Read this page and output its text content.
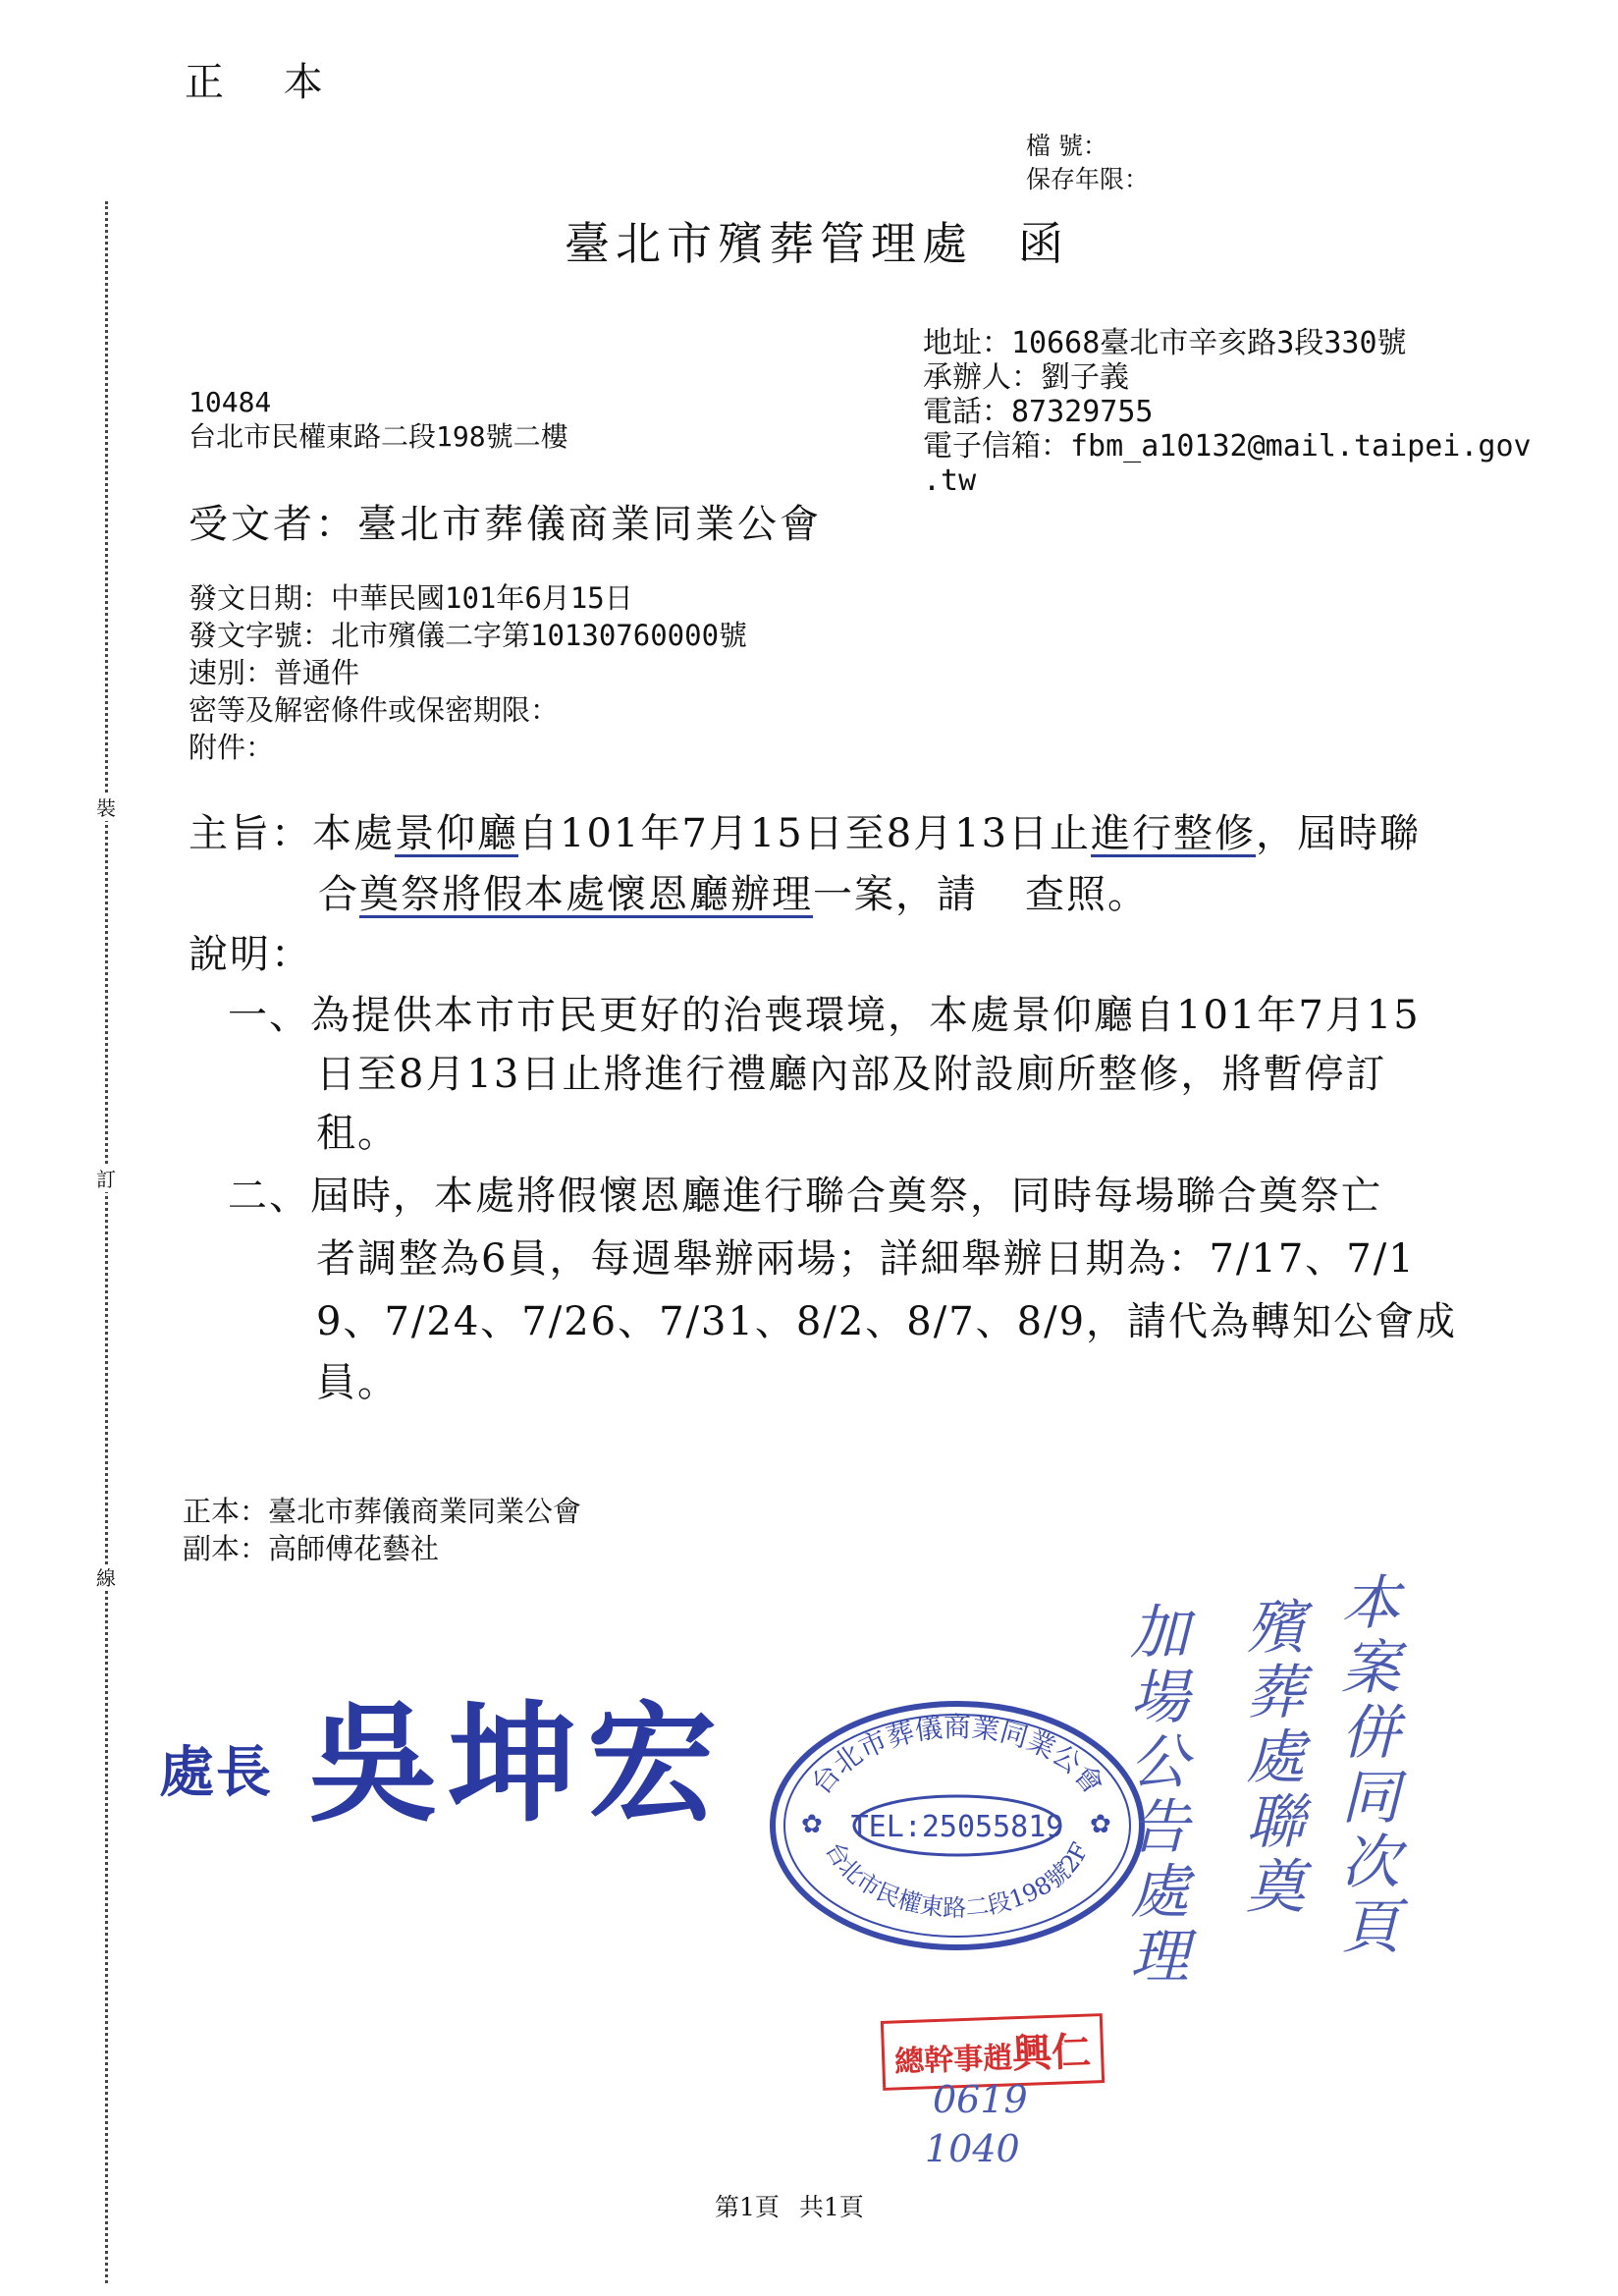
正 本
檔 號：
保存年限：
臺北市殯葬管理處 函
地址：10668臺北市辛亥路3段330號
承辦人：劉子義
電話：87329755
電子信箱：fbm_a10132@mail.taipei.gov
.tw
10484
台北市民權東路二段198號二樓
受文者：臺北市葬儀商業同業公會
發文日期：中華民國101年6月15日
發文字號：北市殯儀二字第10130760000號
速別：普通件
密等及解密條件或保密期限：
附件：
裝
訂
線
主旨：本處景仰廳自101年7月15日至8月13日止進行整修，屆時聯
合奠祭將假本處懷恩廳辦理一案，請 查照。
說明：
一、為提供本市市民更好的治喪環境，本處景仰廳自101年7月15
日至8月13日止將進行禮廳內部及附設廁所整修，將暫停訂
租。
二、屆時，本處將假懷恩廳進行聯合奠祭，同時每場聯合奠祭亡
者調整為6員，每週舉辦兩場；詳細舉辦日期為：7/17、7/1
9、7/24、7/26、7/31、8/2、8/7、8/9，請代為轉知公會成
員。
正本：臺北市葬儀商業同業公會
副本：高師傅花藝社
處長 吳坤宏	台北市葬儀商業同業公會
TEL:25055819
台北市民權東路二段198號2F
✿	✿	本案併同次頁
殯葬處聯奠
加場公告處理
總幹事趙興仁
0619
1040
第1頁 共1頁
